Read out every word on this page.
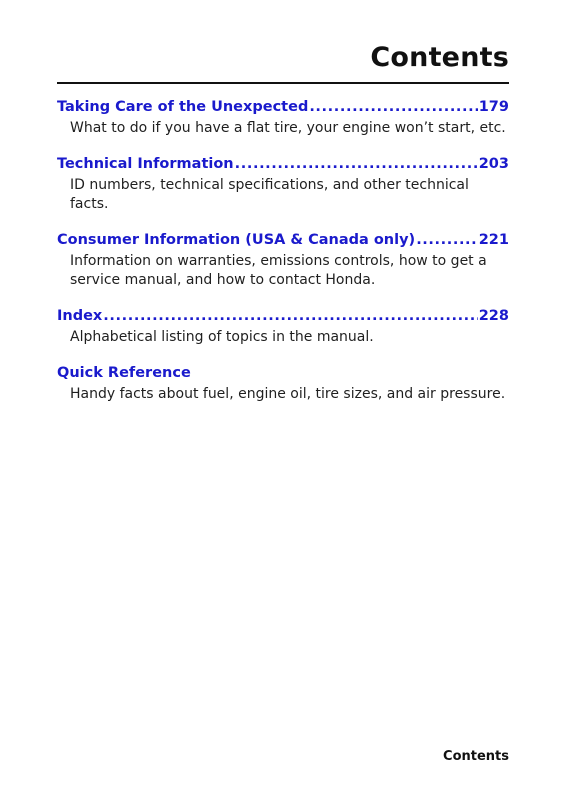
Contents
Taking Care of the Unexpected .....	179
What to do if you have a flat tire, your engine won’t start, etc.
Technical Information .....	203
ID numbers, technical specifications, and other technical facts.
Consumer Information (USA & Canada only) .....	221
Information on warranties, emissions controls, how to get a service manual, and how to contact Honda.
Index .....	228
Alphabetical listing of topics in the manual.
Quick Reference
Handy facts about fuel, engine oil, tire sizes, and air pressure.
Contents
